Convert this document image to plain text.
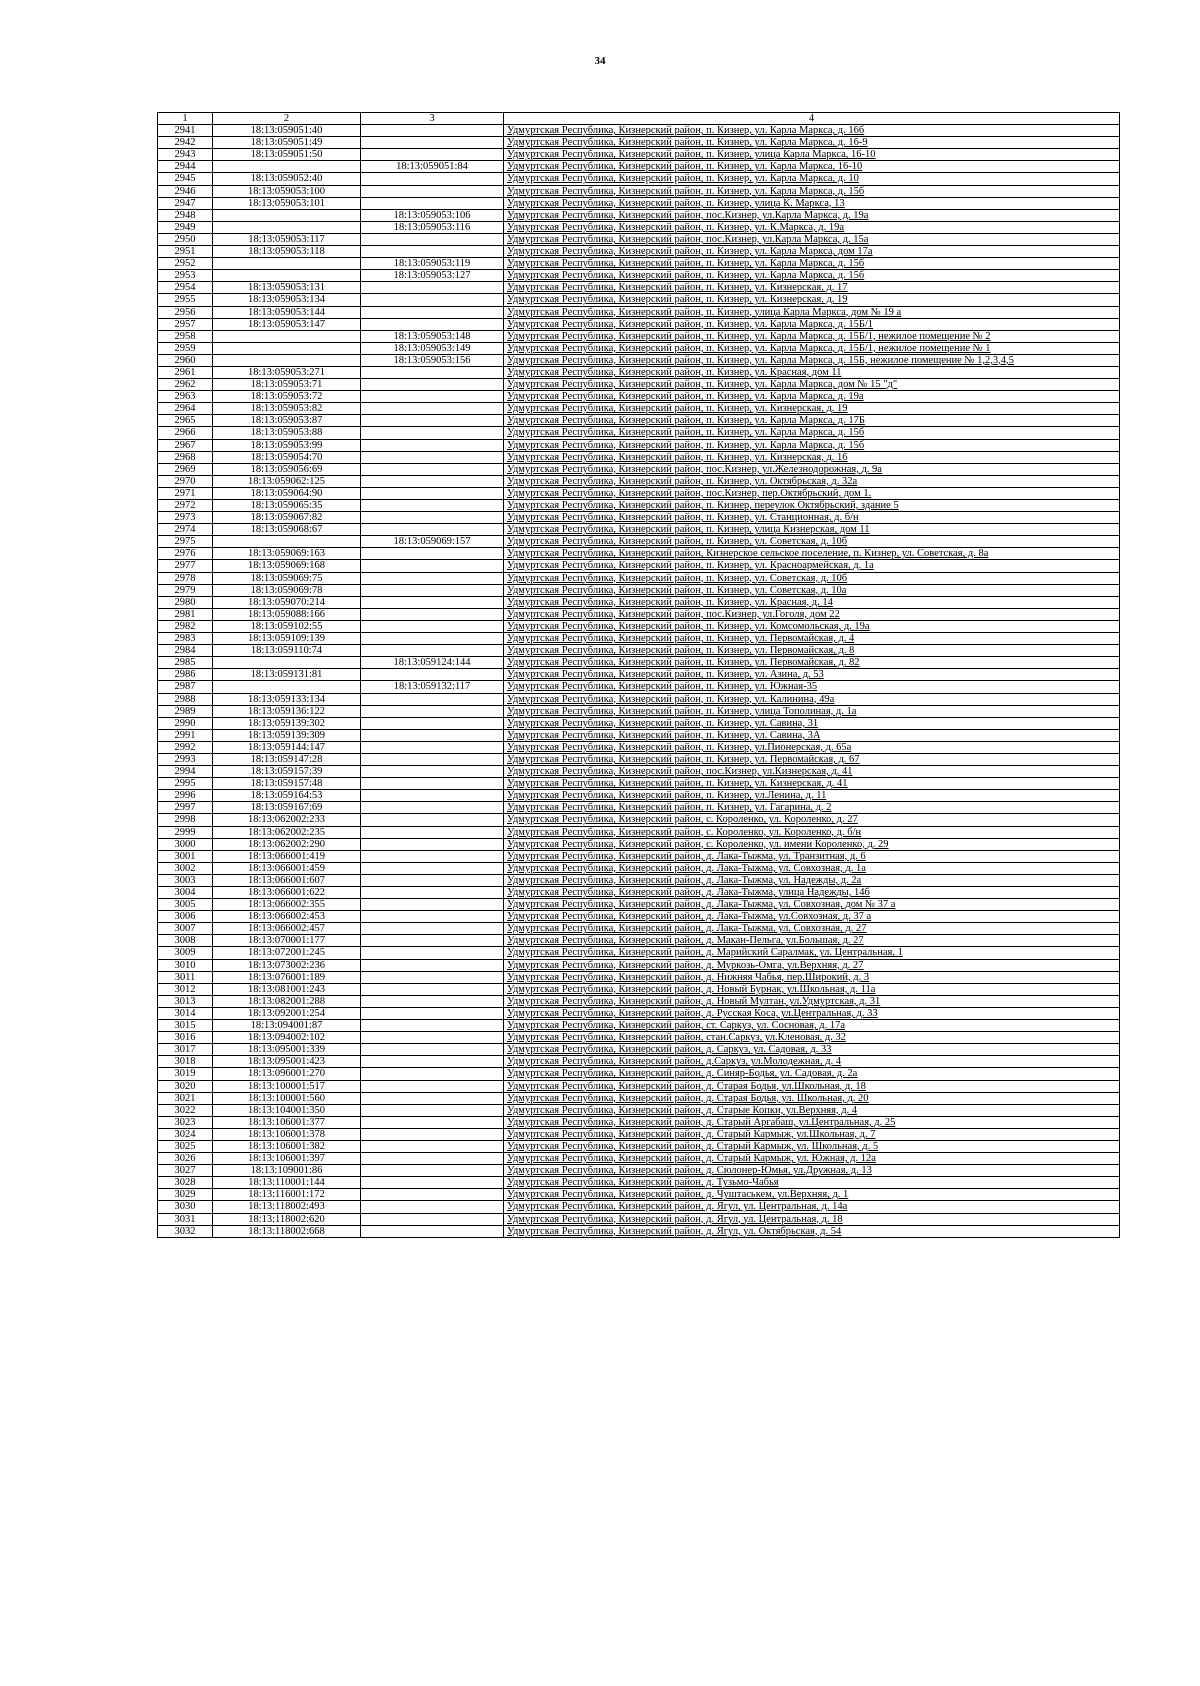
34
1	2	3	4
2941	18:13:059051:40		Удмуртская Республика, Кизнерский район, п. Кизнер, ул. Карла Маркса, д. 16б
2942	18:13:059051:49		Удмуртская Республика, Кизнерский район, п. Кизнер, ул. Карла Маркса, д. 16-9
2943	18:13:059051:50		Удмуртская Республика, Кизнерский район, п. Кизнер, улица Карла Маркса, 16-10
2944		18:13:059051:84	Удмуртская Республика, Кизнерский район, п. Кизнер, ул. Карла Маркса, 16-10
2945	18:13:059052:40		Удмуртская Республика, Кизнерский район, п. Кизнер, ул. Карла Маркса, д. 10
2946	18:13:059053:100		Удмуртская Республика, Кизнерский район, п. Кизнер, ул. Карла Маркса, д. 15б
2947	18:13:059053:101		Удмуртская Республика, Кизнерский район, п. Кизнер, улица К. Маркса, 13
2948		18:13:059053:106	Удмуртская Республика, Кизнерский район, пос.Кизнер, ул.Карла Маркса, д. 19а
2949		18:13:059053:116	Удмуртская Республика, Кизнерский район, п. Кизнер, ул. К.Маркса, д. 19а
2950	18:13:059053:117		Удмуртская Республика, Кизнерский район, пос.Кизнер, ул.Карла Маркса, д. 15а
2951	18:13:059053:118		Удмуртская Республика, Кизнерский район, п. Кизнер, ул. Карла Маркса, дом 17а
2952		18:13:059053:119	Удмуртская Республика, Кизнерский район, п. Кизнер, ул. Карла Маркса, д. 15б
2953		18:13:059053:127	Удмуртская Республика, Кизнерский район, п. Кизнер, ул. Карла Маркса, д. 15б
2954	18:13:059053:131		Удмуртская Республика, Кизнерский район, п. Кизнер, ул. Кизнерская, д. 17
2955	18:13:059053:134		Удмуртская Республика, Кизнерский район, п. Кизнер, ул. Кизнерская, д. 19
2956	18:13:059053:144		Удмуртская Республика, Кизнерский район, п. Кизнер, улица Карла Маркса, дом № 19 а
2957	18:13:059053:147		Удмуртская Республика, Кизнерский район, п. Кизнер, ул. Карла Маркса, д. 15Б/1
2958		18:13:059053:148	Удмуртская Республика, Кизнерский район, п. Кизнер, ул. Карла Маркса, д. 15Б/1, нежилое помещение № 2
2959		18:13:059053:149	Удмуртская Республика, Кизнерский район, п. Кизнер, ул. Карла Маркса, д. 15Б/1, нежилое помещение № 1
2960		18:13:059053:156	Удмуртская Республика, Кизнерский район, п. Кизнер, ул. Карла Маркса, д. 15Б, нежилое помещение № 1,2,3,4,5
2961	18:13:059053:271		Удмуртская Республика, Кизнерский район, п. Кизнер, ул. Красная, дом 11
2962	18:13:059053:71		Удмуртская Республика, Кизнерский район, п. Кизнер, ул. Карла Маркса, дом № 15 "д"
2963	18:13:059053:72		Удмуртская Республика, Кизнерский район, п. Кизнер, ул. Карла Маркса, д. 19а
2964	18:13:059053:82		Удмуртская Республика, Кизнерский район, п. Кизнер, ул. Кизнерская, д. 19
2965	18:13:059053:87		Удмуртская Республика, Кизнерский район, п. Кизнер, ул. Карла Маркса, д. 17Б
2966	18:13:059053:88		Удмуртская Республика, Кизнерский район, п. Кизнер, ул. Карла Маркса, д. 15б
2967	18:13:059053:99		Удмуртская Республика, Кизнерский район, п. Кизнер, ул. Карла Маркса, д. 15б
2968	18:13:059054:70		Удмуртская Республика, Кизнерский район, п. Кизнер, ул. Кизнерская, д. 16
2969	18:13:059056:69		Удмуртская Республика, Кизнерский район, пос.Кизнер, ул.Железнодорожная, д. 9а
2970	18:13:059062:125		Удмуртская Республика, Кизнерский район, п. Кизнер, ул. Октябрьская, д. 32а
2971	18:13:059064:90		Удмуртская Республика, Кизнерский район, пос.Кизнер, пер.Октябрьский, дом 1.
2972	18:13:059065:35		Удмуртская Республика, Кизнерский район, п. Кизнер, переулок Октябрьский, здание 5
2973	18:13:059067:82		Удмуртская Республика, Кизнерский район, п. Кизнер, ул. Станционная, д. б/н
2974	18:13:059068:67		Удмуртская Республика, Кизнерский район, п. Кизнер, улица Кизнерская, дом 11
2975		18:13:059069:157	Удмуртская Республика, Кизнерский район, п. Кизнер, ул. Советская, д. 10б
2976	18:13:059069:163		Удмуртская Республика, Кизнерский район, Кизнерское сельское поселение, п. Кизнер, ул. Советская, д. 8а
2977	18:13:059069:168		Удмуртская Республика, Кизнерский район, п. Кизнер, ул. Красноармейская, д. 1а
2978	18:13:059069:75		Удмуртская Республика, Кизнерский район, п. Кизнер, ул. Советская, д. 10б
2979	18:13:059069:78		Удмуртская Республика, Кизнерский район, п. Кизнер, ул. Советская, д. 10а
2980	18:13:059070:214		Удмуртская Республика, Кизнерский район, п. Кизнер, ул. Красная, д. 14
2981	18:13:059088:166		Удмуртская Республика, Кизнерский район, пос.Кизнер, ул.Гоголя, дом 22
2982	18:13:059102:55		Удмуртская Республика, Кизнерский район, п. Кизнер, ул. Комсомольская, д. 19а
2983	18:13:059109:139		Удмуртская Республика, Кизнерский район, п. Кизнер, ул. Первомайская, д. 4
2984	18:13:059110:74		Удмуртская Республика, Кизнерский район, п. Кизнер, ул. Первомайская, д. 8
2985		18:13:059124:144	Удмуртская Республика, Кизнерский район, п. Кизнер, ул. Первомайская, д. 82
2986	18:13:059131:81		Удмуртская Республика, Кизнерский район, п. Кизнер, ул. Азина, д. 53
2987		18:13:059132:117	Удмуртская Республика, Кизнерский район, п. Кизнер, ул. Южная-35
2988	18:13:059133:134		Удмуртская Республика, Кизнерский район, п. Кизнер, ул. Калинина, 49а
2989	18:13:059136:122		Удмуртская Республика, Кизнерский район, п. Кизнер, улица Тополиная, д. 1а
2990	18:13:059139:302		Удмуртская Республика, Кизнерский район, п. Кизнер, ул. Савина, 31
2991	18:13:059139:309		Удмуртская Республика, Кизнерский район, п. Кизнер, ул. Савина, 3А
2992	18:13:059144:147		Удмуртская Республика, Кизнерский район, п. Кизнер, ул.Пионерская, д. 65а
2993	18:13:059147:28		Удмуртская Республика, Кизнерский район, п. Кизнер, ул. Первомайская, д. 67
2994	18:13:059157:39		Удмуртская Республика, Кизнерский район, пос.Кизнер, ул.Кизнерская, д. 41
2995	18:13:059157:48		Удмуртская Республика, Кизнерский район, п. Кизнер, ул. Кизнерская, д. 41
2996	18:13:059164:53		Удмуртская Республика, Кизнерский район, п. Кизнер, ул.Ленина, д. 11
2997	18:13:059167:69		Удмуртская Республика, Кизнерский район, п. Кизнер, ул. Гагарина, д. 2
2998	18:13:062002:233		Удмуртская Республика, Кизнерский район, с. Короленко, ул. Короленко, д. 27
2999	18:13:062002:235		Удмуртская Республика, Кизнерский район, с. Короленко, ул. Короленко, д. б/н
3000	18:13:062002:290		Удмуртская Республика, Кизнерский район, с. Короленко, ул. имени Короленко, д. 29
3001	18:13:066001:419		Удмуртская Республика, Кизнерский район, д. Лака-Тыжма, ул. Транзитная, д. 6
3002	18:13:066001:459		Удмуртская Республика, Кизнерский район, д. Лака-Тыжма, ул. Совхозная, д. 1а
3003	18:13:066001:607		Удмуртская Республика, Кизнерский район, д. Лака-Тыжма, ул. Надежды, д. 2а
3004	18:13:066001:622		Удмуртская Республика, Кизнерский район, д. Лака-Тыжма, улица Надежды, 14б
3005	18:13:066002:355		Удмуртская Республика, Кизнерский район, д. Лака-Тыжма, ул. Совхозная, дом № 37 а
3006	18:13:066002:453		Удмуртская Республика, Кизнерский район, д. Лака-Тыжма, ул.Совхозная, д. 37 а
3007	18:13:066002:457		Удмуртская Республика, Кизнерский район, д. Лака-Тыжма, ул. Совхозная, д. 27
3008	18:13:070001:177		Удмуртская Республика, Кизнерский район, д. Макан-Пельга, ул.Большая, д. 27
3009	18:13:072001:245		Удмуртская Республика, Кизнерский район, д. Марийский Саралмак, ул. Центральная, 1
3010	18:13:073002:236		Удмуртская Республика, Кизнерский район, д. Муркозь-Омга, ул.Верхняя, д. 27
3011	18:13:076001:189		Удмуртская Республика, Кизнерский район, д. Нижняя Чабья, пер.Широкий, д. 3
3012	18:13:081001:243		Удмуртская Республика, Кизнерский район, д. Новый Бурнак, ул.Школьная, д. 11а
3013	18:13:082001:288		Удмуртская Республика, Кизнерский район, д. Новый Мултан, ул.Удмуртская, д. 31
3014	18:13:092001:254		Удмуртская Республика, Кизнерский район, д. Русская Коса, ул.Центральная, д. 33
3015	18:13:094001:87		Удмуртская Республика, Кизнерский район, ст. Саркуз, ул. Сосновая, д. 17а
3016	18:13:094002:102		Удмуртская Республика, Кизнерский район, стан.Саркуз, ул.Кленовая, д. 32
3017	18:13:095001:339		Удмуртская Республика, Кизнерский район, д. Саркуз, ул. Садовая, д. 33
3018	18:13:095001:423		Удмуртская Республика, Кизнерский район, д.Саркуз, ул.Молодежная, д. 4
3019	18:13:096001:270		Удмуртская Республика, Кизнерский район, д. Синяр-Бодья, ул. Садовая, д. 2а
3020	18:13:100001:517		Удмуртская Республика, Кизнерский район, д. Старая Бодья, ул.Школьная, д. 18
3021	18:13:100001:560		Удмуртская Республика, Кизнерский район, д. Старая Бодья, ул. Школьная, д. 20
3022	18:13:104001:350		Удмуртская Республика, Кизнерский район, д. Старые Копки, ул.Верхняя, д. 4
3023	18:13:106001:377		Удмуртская Республика, Кизнерский район, д. Старый Аргабаш, ул.Центральная, д. 25
3024	18:13:106001:378		Удмуртская Республика, Кизнерский район, д. Старый Кармыж, ул.Школьная, д. 7
3025	18:13:106001:382		Удмуртская Республика, Кизнерский район, д. Старый Кармыж, ул. Школьная, д. 5
3026	18:13:106001:397		Удмуртская Республика, Кизнерский район, д. Старый Кармыж, ул. Южная, д. 12а
3027	18:13:109001:86		Удмуртская Республика, Кизнерский район, д. Сюлонер-Юмья, ул.Дружная, д. 13
3028	18:13:110001:144		Удмуртская Республика, Кизнерский район, д. Тузьмо-Чабья
3029	18:13:116001:172		Удмуртская Республика, Кизнерский район, д. Чуштаськем, ул.Верхняя, д. 1
3030	18:13:118002:493		Удмуртская Республика, Кизнерский район, д. Ягул, ул. Центральная, д. 14а
3031	18:13:118002:620		Удмуртская Республика, Кизнерский район, д. Ягул, ул. Центральная, д. 18
3032	18:13:118002:668		Удмуртская Республика, Кизнерский район, д. Ягул, ул. Октябрьская, д. 54
